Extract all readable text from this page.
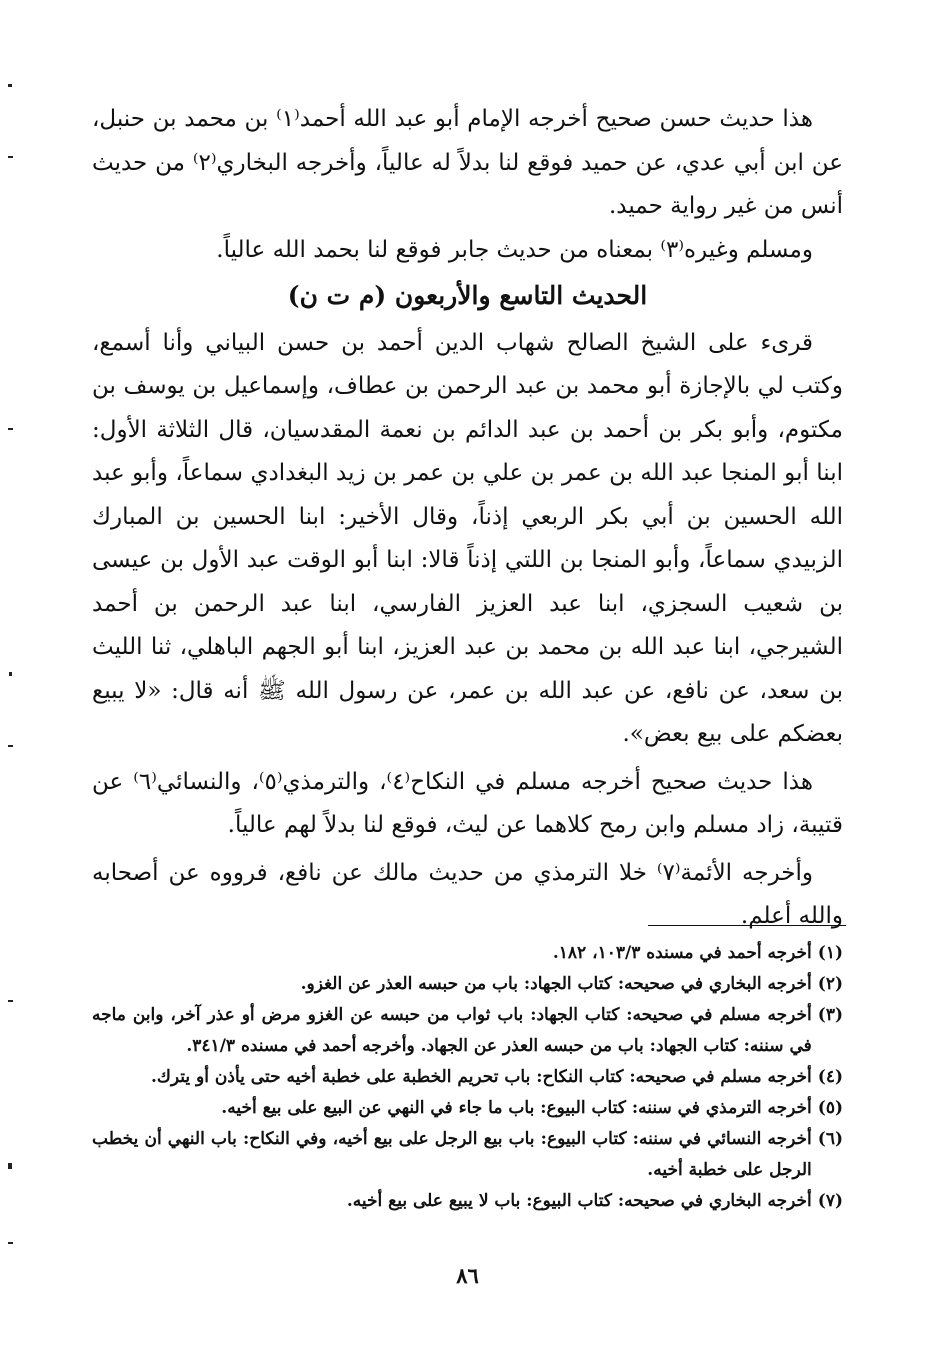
هذا حديث حسن صحيح أخرجه الإمام أبو عبد الله أحمد⁽١⁾ بن محمد بن حنبل، عن ابن أبي عدي، عن حميد فوقع لنا بدلاً له عالياً، وأخرجه البخاري⁽٢⁾ من حديث أنس من غير رواية حميد.

ومسلم وغيره⁽٣⁾ بمعناه من حديث جابر فوقع لنا بحمد الله عالياً.

الحديث التاسع والأربعون (م ت ن)

قرىء على الشيخ الصالح شهاب الدين أحمد بن حسن البياني وأنا أسمع، وكتب لي بالإجازة أبو محمد بن عبد الرحمن بن عطاف، وإسماعيل بن يوسف بن مكتوم، وأبو بكر بن أحمد بن عبد الدائم بن نعمة المقدسيان، قال الثلاثة الأول: ابنا أبو المنجا عبد الله بن عمر بن علي بن عمر بن زيد البغدادي سماعاً، وأبو عبد الله الحسين بن أبي بكر الربعي إذناً، وقال الأخير: ابنا الحسين بن المبارك الزبيدي سماعاً، وأبو المنجا بن اللتي إذناً قالا: ابنا أبو الوقت عبد الأول بن عيسى بن شعيب السجزي، ابنا عبد العزيز الفارسي، ابنا عبد الرحمن بن أحمد الشيرجي، ابنا عبد الله بن محمد بن عبد العزيز، ابنا أبو الجهم الباهلي، ثنا الليث بن سعد، عن نافع، عن عبد الله بن عمر، عن رسول الله ﷺ أنه قال: «لا يبيع بعضكم على بيع بعض».

هذا حديث صحيح أخرجه مسلم في النكاح⁽٤⁾، والترمذي⁽٥⁾، والنسائي⁽٦⁾ عن قتيبة، زاد مسلم وابن رمح كلاهما عن ليث، فوقع لنا بدلاً لهم عالياً.

وأخرجه الأئمة⁽٧⁾ خلا الترمذي من حديث مالك عن نافع، فرووه عن أصحابه والله أعلم.

(١)
أخرجه أحمد في مسنده ١٠٣/٣، ١٨٢.
(٢)
أخرجه البخاري في صحيحه: كتاب الجهاد: باب من حبسه العذر عن الغزو.
(٣)
أخرجه مسلم في صحيحه: كتاب الجهاد: باب ثواب من حبسه عن الغزو مرض أو عذر آخر، وابن ماجه في سننه: كتاب الجهاد: باب من حبسه العذر عن الجهاد. وأخرجه أحمد في مسنده ٣٤١/٣.
(٤)
أخرجه مسلم في صحيحه: كتاب النكاح: باب تحريم الخطبة على خطبة أخيه حتى يأذن أو يترك.
(٥)
أخرجه الترمذي في سننه: كتاب البيوع: باب ما جاء في النهي عن البيع على بيع أخيه.
(٦)
أخرجه النسائي في سننه: كتاب البيوع: باب بيع الرجل على بيع أخيه، وفي النكاح: باب النهي أن يخطب الرجل على خطبة أخيه.
(٧)
أخرجه البخاري في صحيحه: كتاب البيوع: باب لا يبيع على بيع أخيه.
٨٦
